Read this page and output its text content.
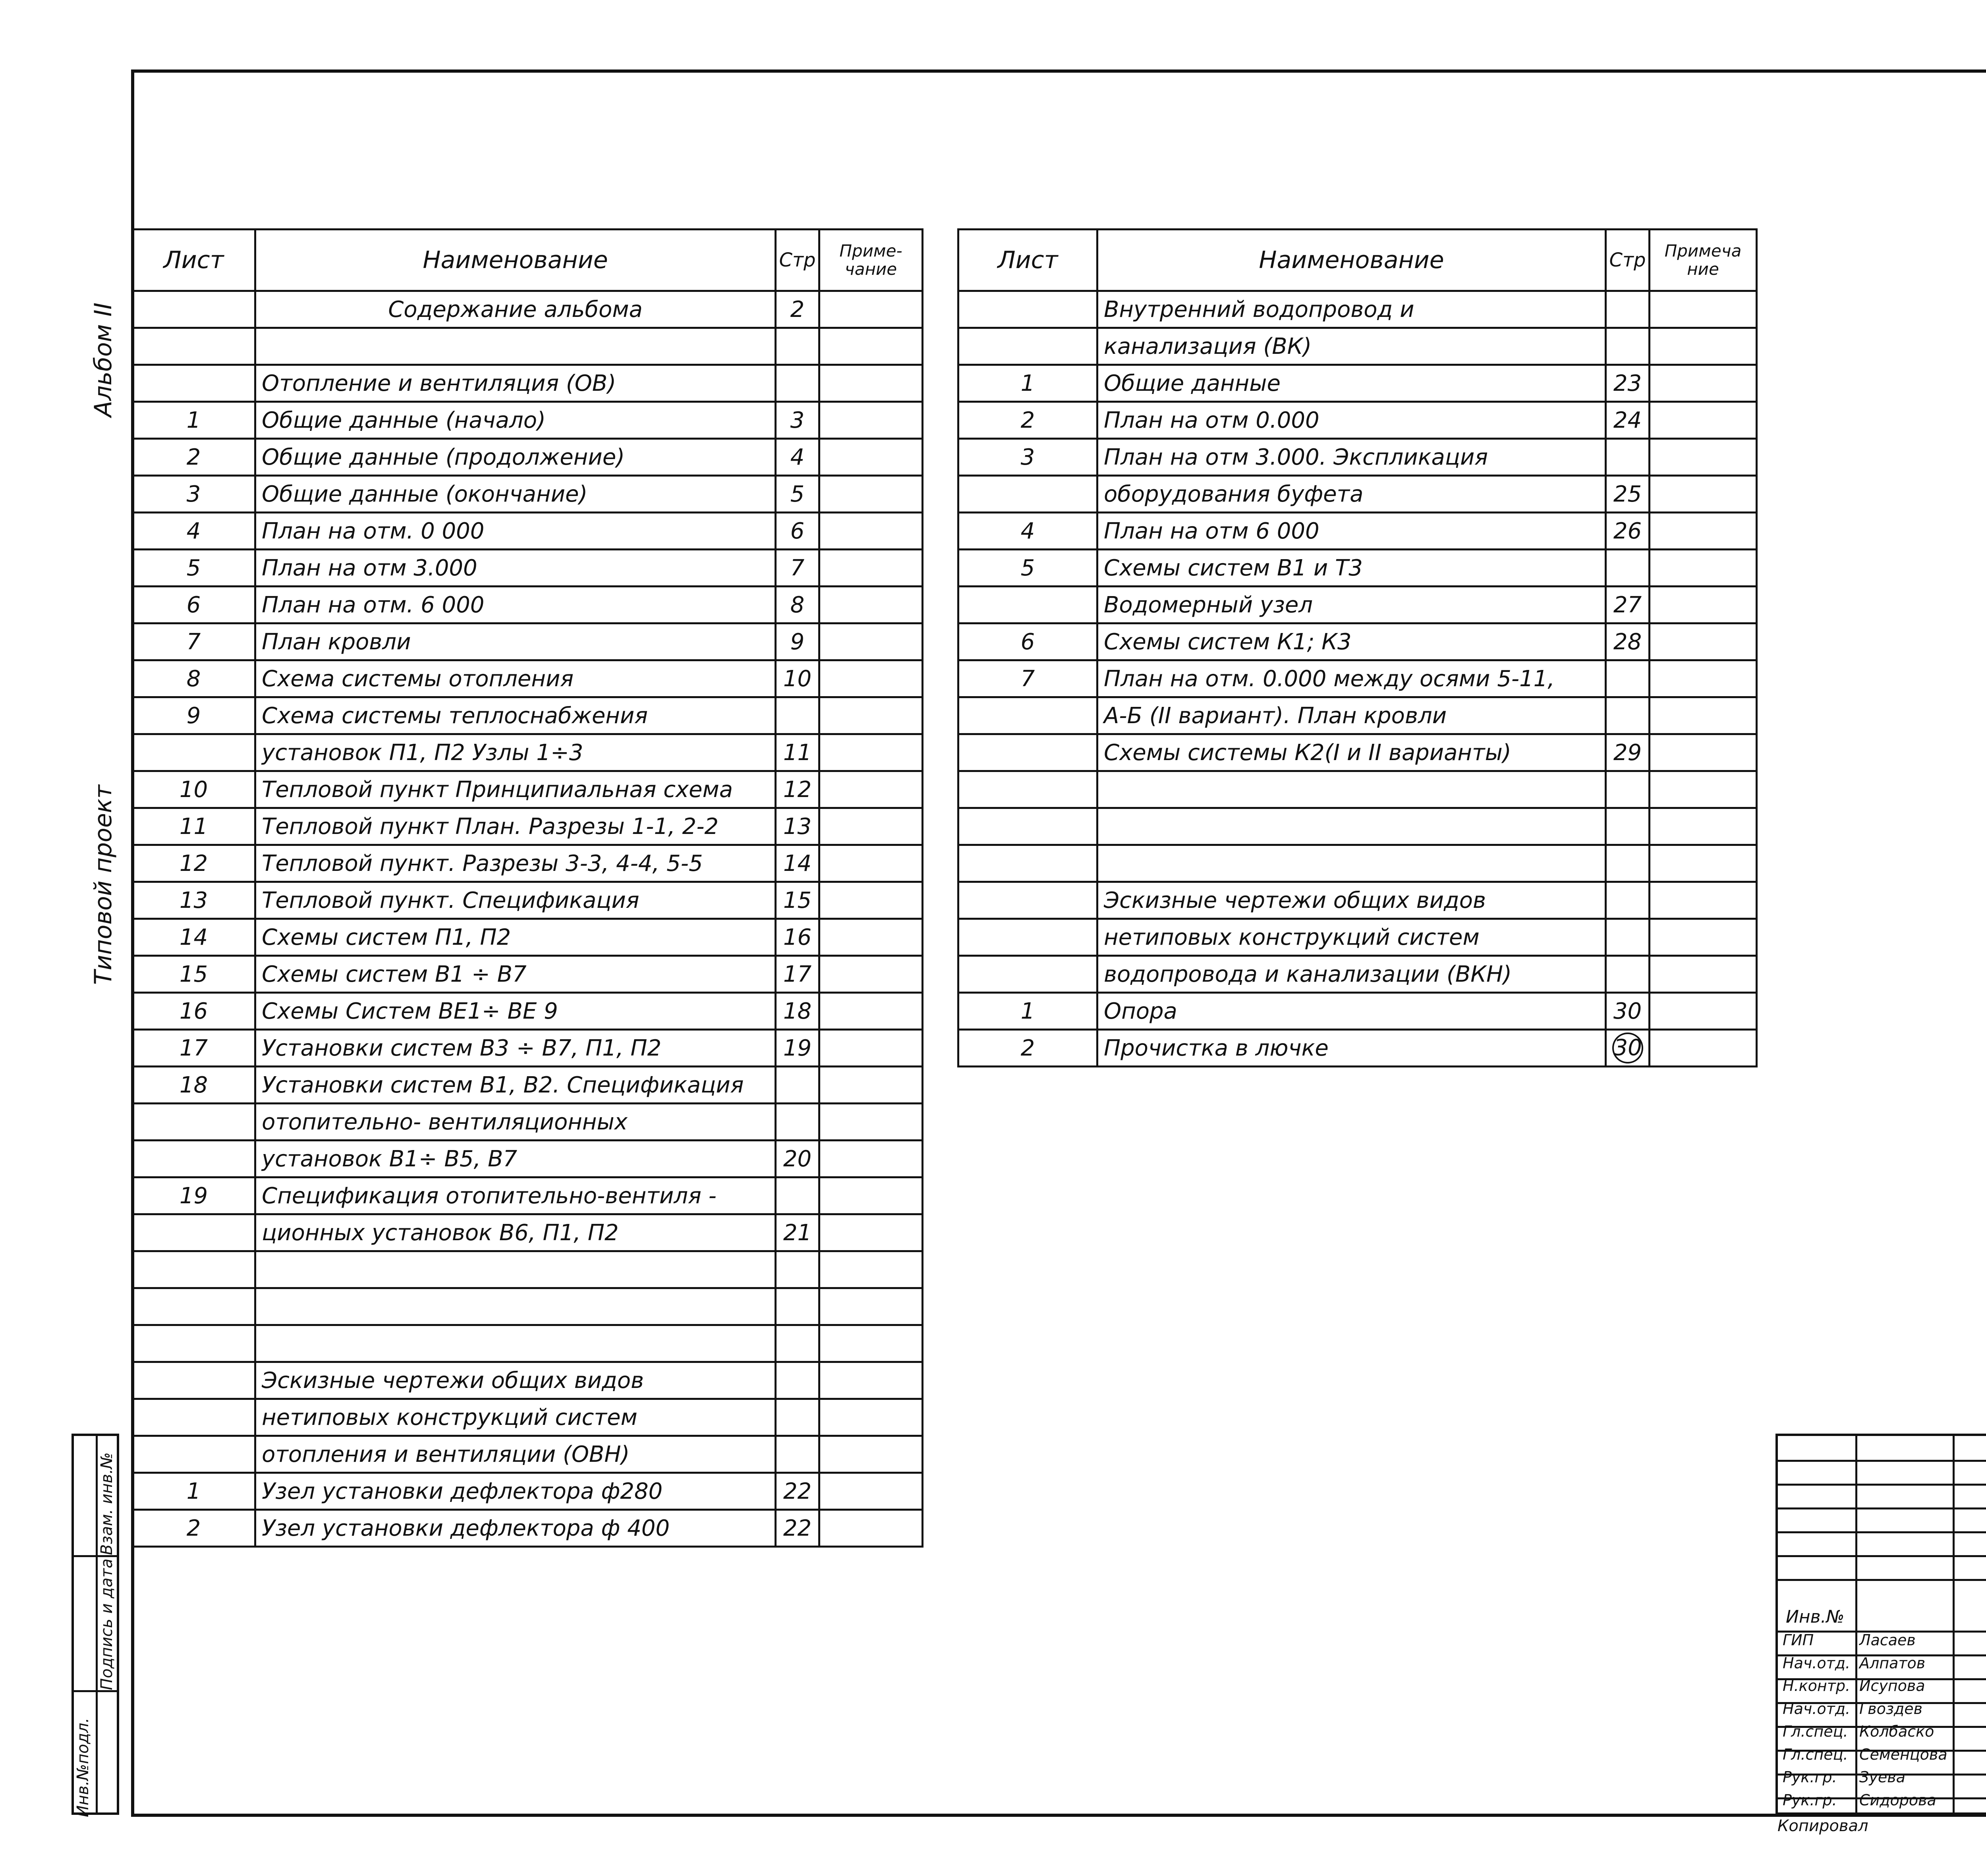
Альбом II
Типовой проект
Инв.№подл.
Подпись и дата
Взам. инв.№
Лист	Наименование	Стр	Приме-
чание
	Содержание альбома	2	

	Отопление и вентиляция (ОВ)		
1	Общие данные (начало)	3	
2	Общие данные (продолжение)	4	
3	Общие данные (окончание)	5	
4	План на отм. 0 000	6	
5	План на отм 3.000	7	
6	План на отм. 6 000	8	
7	План кровли	9	
8	Схема системы отопления	10	
9	Схема системы теплоснабжения		
	установок П1, П2 Узлы 1÷3	11	
10	Тепловой пункт Принципиальная схема	12	
11	Тепловой пункт План. Разрезы 1-1, 2-2	13	
12	Тепловой пункт. Разрезы 3-3, 4-4, 5-5	14	
13	Тепловой пункт. Спецификация	15	
14	Схемы систем П1, П2	16	
15	Схемы систем В1 ÷ В7	17	
16	Схемы Систем ВЕ1÷ ВЕ 9	18	
17	Установки систем В3 ÷ В7, П1, П2	19	
18	Установки систем В1, В2. Спецификация		
	отопительно- вентиляционных		
	установок В1÷ В5, В7	20	
19	Спецификация отопительно-вентиля -		
	ционных установок В6, П1, П2	21	

	Эскизные чертежи общих видов		
	нетиповых конструкций систем		
	отопления и вентиляции (ОВН)		
1	Узел установки дефлектора ф280	22	
2	Узел установки дефлектора ф 400	22	
Лист	Наименование	Стр	Примеча
ние
	Внутренний водопровод и		
	канализация (ВК)		
1	Общие данные	23	
2	План на отм 0.000	24	
3	План на отм 3.000. Экспликация		
	оборудования буфета	25	
4	План на отм 6 000	26	
5	Схемы систем В1 и Т3		
	Водомерный узел	27	
6	Схемы систем К1; К3	28	
7	План на отм. 0.000 между осями 5-11,		
	А-Б (II вариант). План кровли		
	Схемы системы К2(I и II варианты)	29	

	Эскизные чертежи общих видов		
	нетиповых конструкций систем		
	водопровода и канализации (ВКН)		
1	Опора	30	
2	Прочистка в лючке	30	
Инв.№
ГИП	Ласаев
Нач.отд. Алпатов
Н.контр. Исупова
Нач.отд. Гвоздев
Гл.спец. Колбаско
Гл.спец. Семенцова
Рук.гр. Зуева
Рук.гр. Сидорова
Копировал
